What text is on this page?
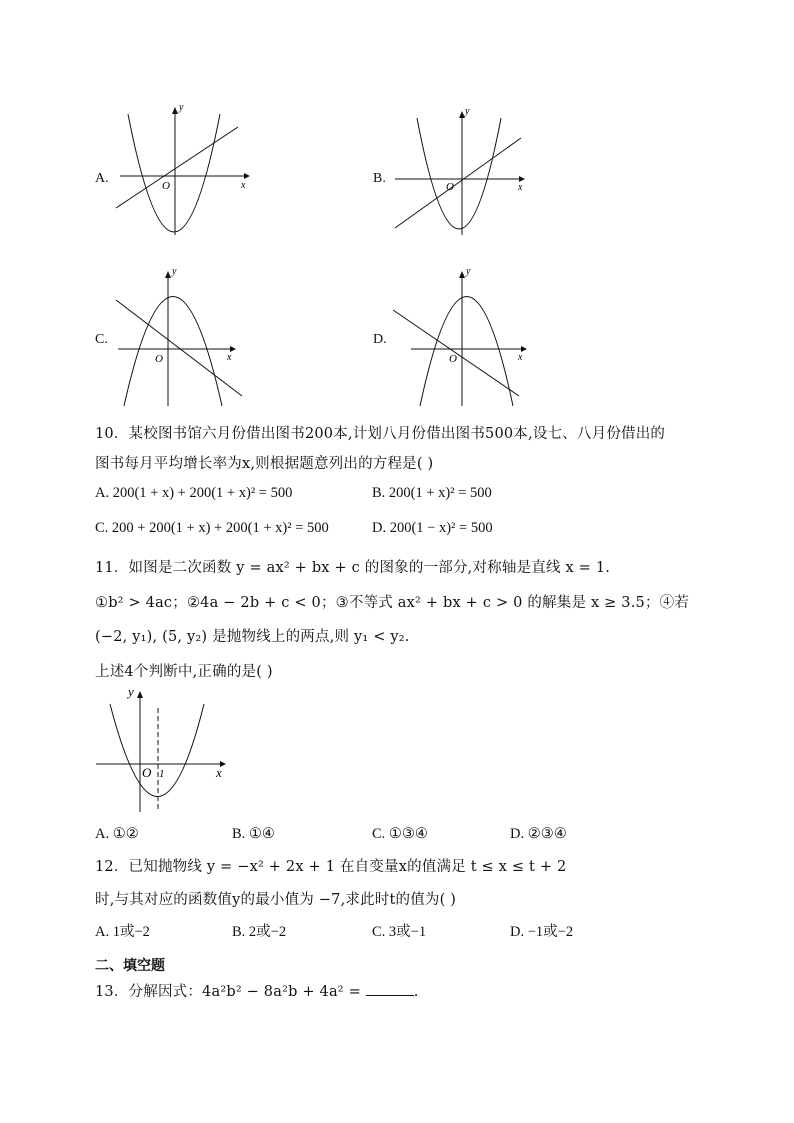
A.	x
y
O	B.
x
y
O
C.
x
y
O
D.
x
y
O
10．某校图书馆六月份借出图书200本,计划八月份借出图书500本,设七、八月份借出的
图书每月平均增长率为x,则根据题意列出的方程是( )
A. 200(1 + x) + 200(1 + x)² = 500	B. 200(1 + x)² = 500
C. 200 + 200(1 + x) + 200(1 + x)² = 500	D. 200(1 − x)² = 500
11．如图是二次函数 y = ax² + bx + c 的图象的一部分,对称轴是直线 x = 1.
①b² > 4ac；②4a − 2b + c < 0；③不等式 ax² + bx + c > 0 的解集是 x ≥ 3.5；④若
(−2, y₁), (5, y₂) 是抛物线上的两点,则 y₁ < y₂.
上述4个判断中,正确的是( )
x
y
O 1
A. ①②	B. ①④	C. ①③④	D. ②③④
12．已知抛物线 y = −x² + 2x + 1 在自变量x的值满足 t ≤ x ≤ t + 2
时,与其对应的函数值y的最小值为 −7,求此时t的值为( )
A. 1或−2	B. 2或−2	C. 3或−1	D. −1或−2
二、填空题
13．分解因式：4a²b² − 8a²b + 4a² =	.
